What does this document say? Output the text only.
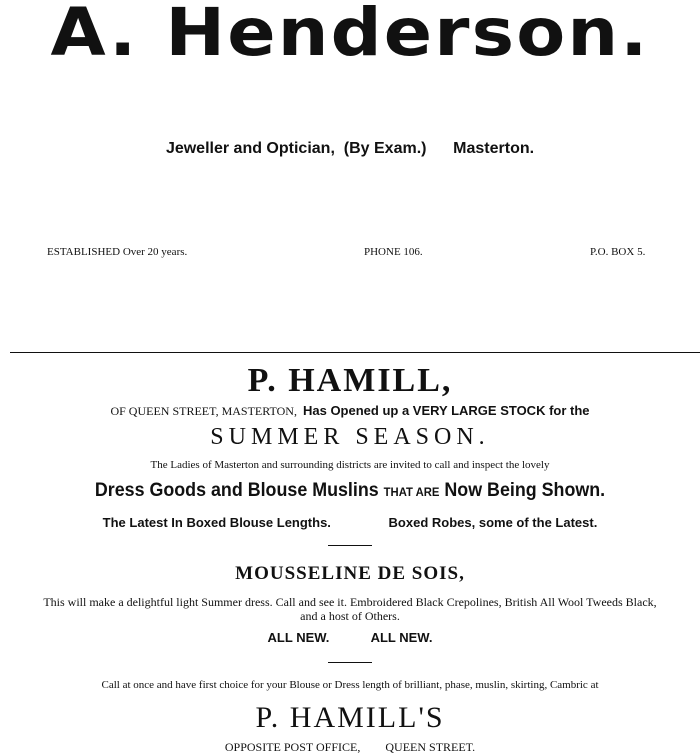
A. Henderson.
Jeweller and Optician, (By Exam.) Masterton.
ESTABLISHED Over 20 years.	PHONE 106.	P.O. BOX 5.
P. HAMILL,
OF QUEEN STREET, MASTERTON, Has Opened up a VERY LARGE STOCK for the
SUMMER SEASON.
The Ladies of Masterton and surrounding districts are invited to call and inspect the lovely
Dress Goods and Blouse Muslins THAT ARE Now Being Shown.
The Latest In Boxed Blouse Lengths.	Boxed Robes, some of the Latest.
MOUSSELINE DE SOIS,
This will make a delightful light Summer dress. Call and see it. Embroidered Black Crepolines, British All Wool Tweeds Black,
and a host of Others.
ALL NEW.	ALL NEW.
Call at once and have first choice for your Blouse or Dress length of brilliant, phase, muslin, skirting, Cambric at
P. HAMILL'S
OPPOSITE POST OFFICE, QUEEN STREET.
